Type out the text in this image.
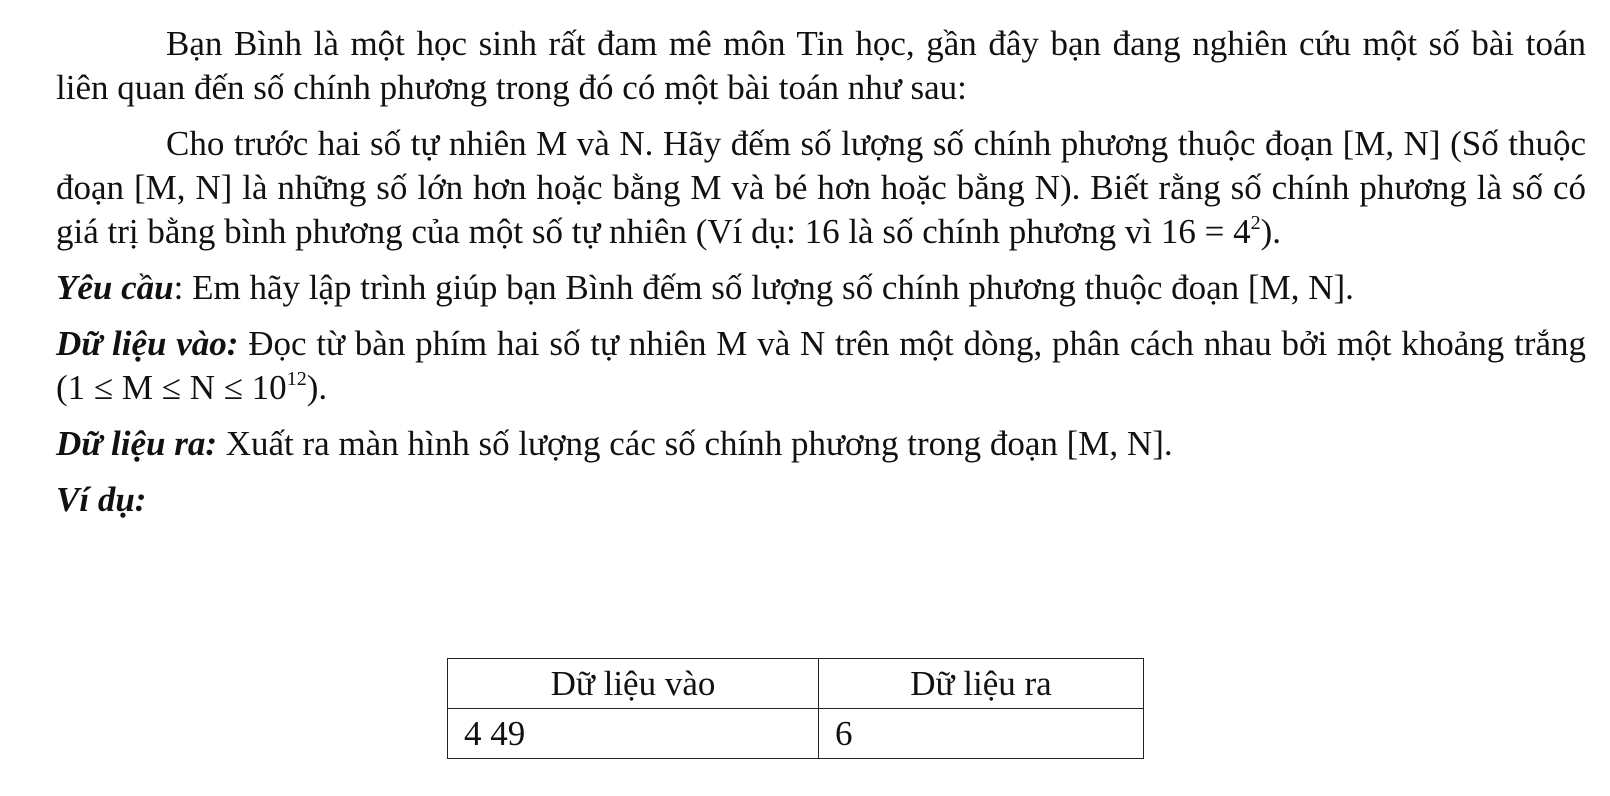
Bạn Bình là một học sinh rất đam mê môn Tin học, gần đây bạn đang nghiên cứu một số bài toán liên quan đến số chính phương trong đó có một bài toán như sau:

Cho trước hai số tự nhiên M và N. Hãy đếm số lượng số chính phương thuộc đoạn [M, N] (Số thuộc đoạn [M, N] là những số lớn hơn hoặc bằng M và bé hơn hoặc bằng N). Biết rằng số chính phương là số có giá trị bằng bình phương của một số tự nhiên (Ví dụ: 16 là số chính phương vì $16 = 4^2$).

Yêu cầu: Em hãy lập trình giúp bạn Bình đếm số lượng số chính phương thuộc đoạn [M, N].

Dữ liệu vào: Đọc từ bàn phím hai số tự nhiên M và N trên một dòng, phân cách nhau bởi một khoảng trắng $(1 \le M \le N \le 10^{12})$.

Dữ liệu ra: Xuất ra màn hình số lượng các số chính phương trong đoạn [M, N].

Ví dụ:

Dữ liệu vào	Dữ liệu ra
4 49	6
